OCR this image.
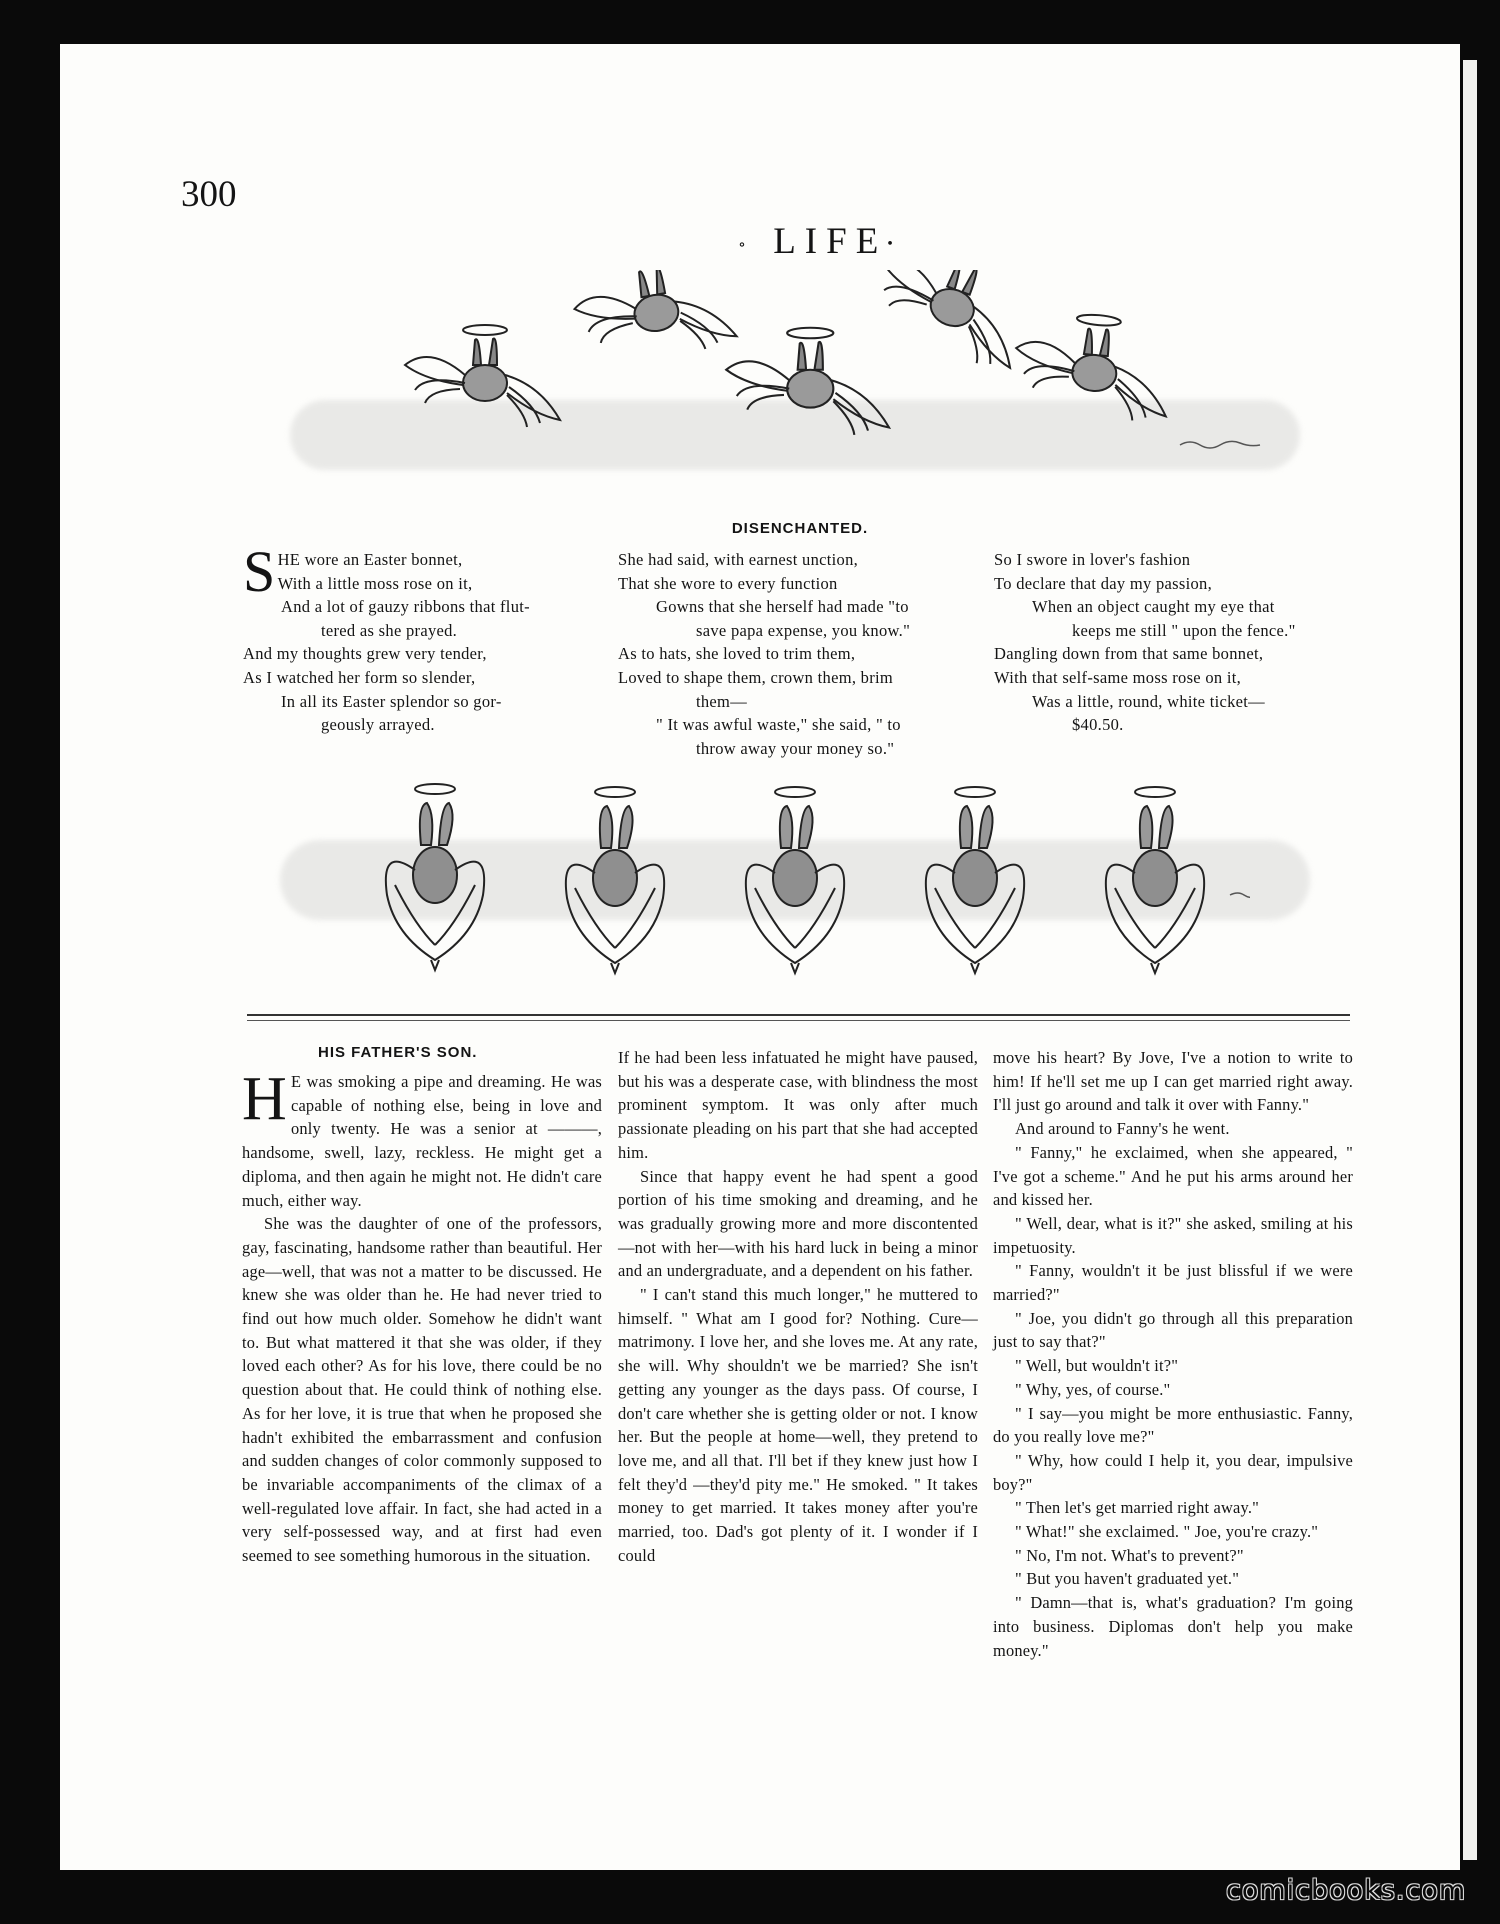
300
∘ LIFE•
DISENCHANTED.
S HE wore an Easter bonnet,
With a little moss rose on it,
And a lot of gauzy ribbons that flut-
tered as she prayed.
And my thoughts grew very tender,
As I watched her form so slender,
In all its Easter splendor so gor-
geously arrayed.
She had said, with earnest unction,
That she wore to every function
Gowns that she herself had made "to
save papa expense, you know."
As to hats, she loved to trim them,
Loved to shape them, crown them, brim
them—
" It was awful waste," she said, " to
throw away your money so."
So I swore in lover's fashion
To declare that day my passion,
When an object caught my eye that
keeps me still " upon the fence."
Dangling down from that same bonnet,
With that self-same moss rose on it,
Was a little, round, white ticket—
$40.50.
HIS FATHER'S SON.
H E was smoking a pipe and dreaming. He was capable of nothing else, being in love and only twenty. He was a senior at ———, handsome, swell, lazy, reckless. He might get a diploma, and then again he might not. He didn't care much, either way.

She was the daughter of one of the professors, gay, fascinating, handsome rather than beautiful. Her age—well, that was not a matter to be discussed. He knew she was older than he. He had never tried to find out how much older. Somehow he didn't want to. But what mattered it that she was older, if they loved each other? As for his love, there could be no question about that. He could think of nothing else. As for her love, it is true that when he proposed she hadn't exhibited the embarrassment and confusion and sudden changes of color commonly supposed to be invariable accompaniments of the climax of a well-regulated love affair. In fact, she had acted in a very self-possessed way, and at first had even seemed to see something humorous in the situation.

If he had been less infatuated he might have paused, but his was a desperate case, with blindness the most prominent symptom. It was only after much passionate pleading on his part that she had accepted him.

Since that happy event he had spent a good portion of his time smoking and dreaming, and he was gradually growing more and more discontented—not with her—with his hard luck in being a minor and an undergraduate, and a dependent on his father.

" I can't stand this much longer," he muttered to himself. " What am I good for? Nothing. Cure—matrimony. I love her, and she loves me. At any rate, she will. Why shouldn't we be married? She isn't getting any younger as the days pass. Of course, I don't care whether she is getting older or not. I know her. But the people at home—well, they pretend to love me, and all that. I'll bet if they knew just how I felt they'd —they'd pity me." He smoked. " It takes money to get married. It takes money after you're married, too. Dad's got plenty of it. I wonder if I could

move his heart? By Jove, I've a notion to write to him! If he'll set me up I can get married right away. I'll just go around and talk it over with Fanny."

And around to Fanny's he went.

" Fanny," he exclaimed, when she appeared, " I've got a scheme." And he put his arms around her and kissed her.

" Well, dear, what is it?" she asked, smiling at his impetuosity.

" Fanny, wouldn't it be just blissful if we were married?"

" Joe, you didn't go through all this preparation just to say that?"

" Well, but wouldn't it?"

" Why, yes, of course."

" I say—you might be more enthusiastic. Fanny, do you really love me?"

" Why, how could I help it, you dear, impulsive boy?"

" Then let's get married right away."

" What!" she exclaimed. " Joe, you're crazy."

" No, I'm not. What's to prevent?"

" But you haven't graduated yet."

" Damn—that is, what's graduation? I'm going into business. Diplomas don't help you make money."

comicbooks.com
